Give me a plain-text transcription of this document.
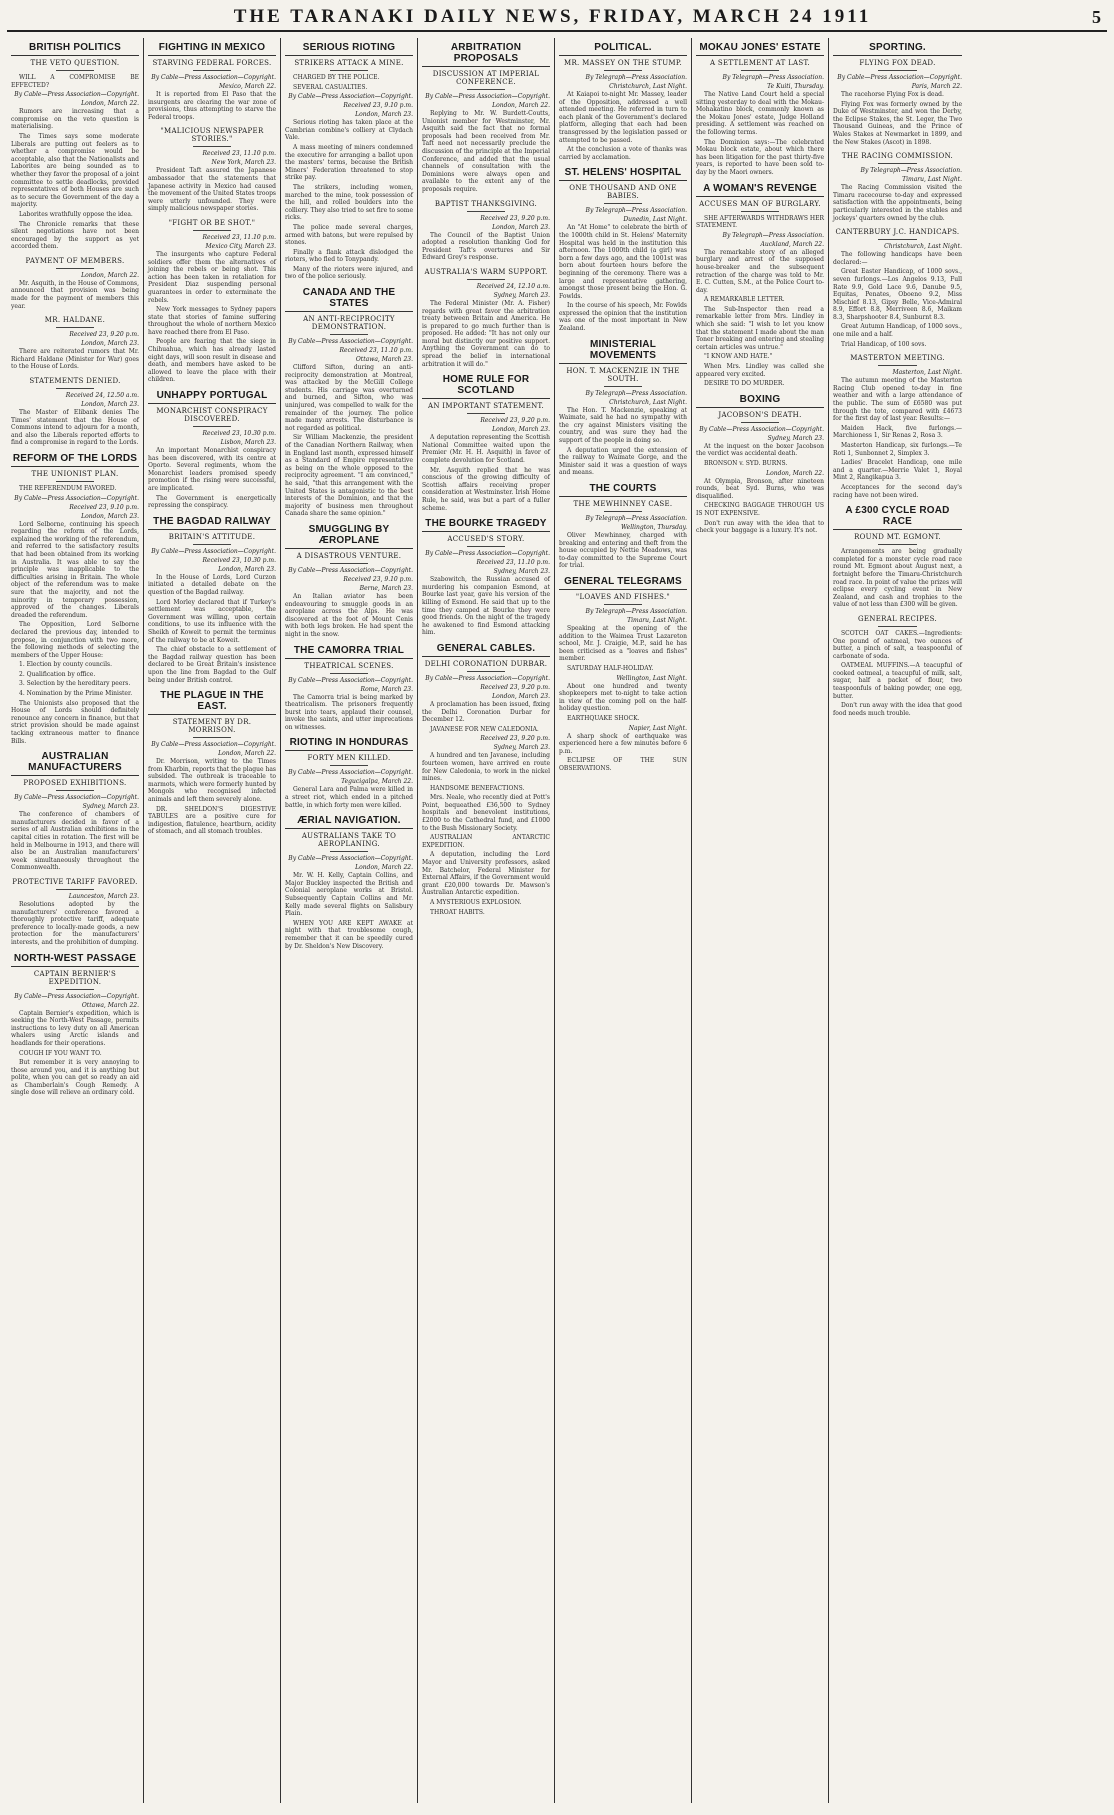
THE TARANAKI DAILY NEWS, FRIDAY, MARCH 24 1911	5
BRITISH POLITICS
THE VETO QUESTION.

WILL A COMPROMISE BE EFFECTED?

By Cable—Press Association—Copyright.

London, March 22.

Rumors are increasing that a compromise on the veto question is materialising.

The Times says some moderate Liberals are putting out feelers as to whether a compromise would be acceptable, also that the Nationalists and Laborites are being sounded as to whether they favor the proposal of a joint committee to settle deadlocks, provided representatives of both Houses are such as to secure the Government of the day a majority.

Laborites wrathfully oppose the idea.

The Chronicle remarks that these silent negotiations have not been encouraged by the support as yet accorded them.

PAYMENT OF MEMBERS.

London, March 22.

Mr. Asquith, in the House of Commons, announced that provision was being made for the payment of members this year.

MR. HALDANE.

Received 23, 9.20 p.m.

London, March 23.

There are reiterated rumors that Mr. Richard Haldane (Minister for War) goes to the House of Lords.

STATEMENTS DENIED.

Received 24, 12.50 a.m.

London, March 23.

The Master of Elibank denies The Times' statement that the House of Commons intend to adjourn for a month, and also the Liberals reported efforts to find a compromise in regard to the Lords.

REFORM OF THE LORDS
THE UNIONIST PLAN.

THE REFERENDUM FAVORED.

By Cable—Press Association—Copyright.

Received 23, 9.10 p.m.

London, March 23.

Lord Selborne, continuing his speech regarding the reform of the Lords, explained the working of the referendum, and referred to the satisfactory results that had been obtained from its working in Australia. It was able to say the principle was inapplicable to the difficulties arising in Britain. The whole object of the referendum was to make sure that the majority, and not the minority in temporary possession, approved of the changes. Liberals dreaded the referendum.

The Opposition, Lord Selborne declared the previous day, intended to propose, in conjunction with two more, the following methods of selecting the members of the Upper House:

1. Election by county councils.

2. Qualification by office.

3. Selection by the hereditary peers.

4. Nomination by the Prime Minister.

The Unionists also proposed that the House of Lords should definitely renounce any concern in finance, but that strict provision should be made against tacking extraneous matter to finance Bills.

AUSTRALIAN MANUFACTURERS
PROPOSED EXHIBITIONS.

By Cable—Press Association—Copyright.

Sydney, March 23.

The conference of chambers of manufacturers decided in favor of a series of all Australian exhibitions in the capital cities in rotation. The first will be held in Melbourne in 1913, and there will also be an Australian manufacturers' week simultaneously throughout the Commonwealth.

PROTECTIVE TARIFF FAVORED.

Launceston, March 23.

Resolutions adopted by the manufacturers' conference favored a thoroughly protective tariff, adequate preference to locally-made goods, a new protection for the manufacturers' interests, and the prohibition of dumping.

NORTH-WEST PASSAGE
CAPTAIN BERNIER'S EXPEDITION.

By Cable—Press Association—Copyright.

Ottawa, March 22.

Captain Bernier's expedition, which is seeking the North-West Passage, permits instructions to levy duty on all American whalers using Arctic islands and headlands for their operations.

COUGH IF YOU WANT TO.

But remember it is very annoying to those around you, and it is anything but polite, when you can get so ready an aid as Chamberlain's Cough Remedy. A single dose will relieve an ordinary cold.

FIGHTING IN MEXICO
STARVING FEDERAL FORCES.

By Cable—Press Association—Copyright.

Mexico, March 22.

It is reported from El Paso that the insurgents are clearing the war zone of provisions, thus attempting to starve the Federal troops.

"MALICIOUS NEWSPAPER STORIES."

Received 23, 11.10 p.m.

New York, March 23.

President Taft assured the Japanese ambassador that the statements that Japanese activity in Mexico had caused the movement of the United States troops were utterly unfounded. They were simply malicious newspaper stories.

"FIGHT OR BE SHOT."

Received 23, 11.10 p.m.

Mexico City, March 23.

The insurgents who capture Federal soldiers offer them the alternatives of joining the rebels or being shot. This action has been taken in retaliation for President Diaz suspending personal guarantees in order to exterminate the rebels.

New York messages to Sydney papers state that stories of famine suffering throughout the whole of northern Mexico have reached there from El Paso.

People are fearing that the siege in Chihuahua, which has already lasted eight days, will soon result in disease and death, and members have asked to be allowed to leave the place with their children.

UNHAPPY PORTUGAL
MONARCHIST CONSPIRACY DISCOVERED.

Received 23, 10.30 p.m.

Lisbon, March 23.

An important Monarchist conspiracy has been discovered, with its centre at Oporto. Several regiments, whom the Monarchist leaders promised speedy promotion if the rising were successful, are implicated.

The Government is energetically repressing the conspiracy.

THE BAGDAD RAILWAY
BRITAIN'S ATTITUDE.

By Cable—Press Association—Copyright.

Received 23, 10.30 p.m.

London, March 23.

In the House of Lords, Lord Curzon initiated a detailed debate on the question of the Bagdad railway.

Lord Morley declared that if Turkey's settlement was acceptable, the Government was willing, upon certain conditions, to use its influence with the Sheikh of Koweit to permit the terminus of the railway to be at Koweit.

The chief obstacle to a settlement of the Bagdad railway question has been declared to be Great Britain's insistence upon the line from Bagdad to the Gulf being under British control.

THE PLAGUE IN THE EAST.
STATEMENT BY DR. MORRISON.

By Cable—Press Association—Copyright.

London, March 22.

Dr. Morrison, writing to the Times from Kharbin, reports that the plague has subsided. The outbreak is traceable to marmots, which were formerly hunted by Mongols who recognised infected animals and left them severely alone.

DR. SHELDON'S DIGESTIVE TABULES are a positive cure for indigestion, flatulence, heartburn, acidity of stomach, and all stomach troubles.

SERIOUS RIOTING
STRIKERS ATTACK A MINE.

CHARGED BY THE POLICE.

SEVERAL CASUALTIES.

By Cable—Press Association—Copyright.

Received 23, 9.10 p.m.

London, March 23.

Serious rioting has taken place at the Cambrian combine's colliery at Clydach Vale.

A mass meeting of miners condemned the executive for arranging a ballot upon the masters' terms, because the British Miners' Federation threatened to stop strike pay.

The strikers, including women, marched to the mine, took possession of the hill, and rolled boulders into the colliery. They also tried to set fire to some ricks.

The police made several charges, armed with batons, but were repulsed by stones.

Finally a flank attack dislodged the rioters, who fled to Tonypandy.

Many of the rioters were injured, and two of the police seriously.

CANADA AND THE STATES
AN ANTI-RECIPROCITY DEMONSTRATION.

By Cable—Press Association—Copyright.

Received 23, 11.10 p.m.

Ottawa, March 23.

Clifford Sifton, during an anti-reciprocity demonstration at Montreal, was attacked by the McGill College students. His carriage was overturned and burned, and Sifton, who was uninjured, was compelled to walk for the remainder of the journey. The police made many arrests. The disturbance is not regarded as political.

Sir William Mackenzie, the president of the Canadian Northern Railway, when in England last month, expressed himself as a Standard of Empire representative as being on the whole opposed to the reciprocity agreement. "I am convinced," he said, "that this arrangement with the United States is antagonistic to the best interests of the Dominion, and that the majority of business men throughout Canada share the same opinion."

SMUGGLING BY ÆROPLANE
A DISASTROUS VENTURE.

By Cable—Press Association—Copyright.

Received 23, 9.10 p.m.

Berne, March 23.

An Italian aviator has been endeavouring to smuggle goods in an aeroplane across the Alps. He was discovered at the foot of Mount Cenis with both legs broken. He had spent the night in the snow.

THE CAMORRA TRIAL
THEATRICAL SCENES.

By Cable—Press Association—Copyright.

Rome, March 23.

The Camorra trial is being marked by theatricalism. The prisoners frequently burst into tears, applaud their counsel, invoke the saints, and utter imprecations on witnesses.

RIOTING IN HONDURAS
FORTY MEN KILLED.

By Cable—Press Association—Copyright.

Tegucigalpa, March 22.

General Lara and Palma were killed in a street riot, which ended in a pitched battle, in which forty men were killed.

ÆRIAL NAVIGATION.
AUSTRALIANS TAKE TO AEROPLANING.

By Cable—Press Association—Copyright.

London, March 22.

Mr. W. H. Kelly, Captain Collins, and Major Buckley inspected the British and Colonial aeroplane works at Bristol. Subsequently Captain Collins and Mr. Kelly made several flights on Salisbury Plain.

WHEN YOU ARE KEPT AWAKE at night with that troublesome cough, remember that it can be speedily cured by Dr. Sheldon's New Discovery.

ARBITRATION PROPOSALS
DISCUSSION AT IMPERIAL CONFERENCE.

By Cable—Press Association—Copyright.

London, March 22.

Replying to Mr. W. Burdett-Coutts, Unionist member for Westminster, Mr. Asquith said the fact that no formal proposals had been received from Mr. Taft need not necessarily preclude the discussion of the principle at the Imperial Conference, and added that the usual channels of consultation with the Dominions were always open and available to the extent any of the proposals require.

BAPTIST THANKSGIVING.

Received 23, 9.20 p.m.

London, March 23.

The Council of the Baptist Union adopted a resolution thanking God for President Taft's overtures and Sir Edward Grey's response.

AUSTRALIA'S WARM SUPPORT.

Received 24, 12.10 a.m.

Sydney, March 23.

The Federal Minister (Mr. A. Fisher) regards with great favor the arbitration treaty between Britain and America. He is prepared to go much further than is proposed. He added: "It has not only our moral but distinctly our positive support. Anything the Government can do to spread the belief in international arbitration it will do."

HOME RULE FOR SCOTLAND
AN IMPORTANT STATEMENT.

Received 23, 9.20 p.m.

London, March 23.

A deputation representing the Scottish National Committee waited upon the Premier (Mr. H. H. Asquith) in favor of complete devolution for Scotland.

Mr. Asquith replied that he was conscious of the growing difficulty of Scottish affairs receiving proper consideration at Westminster. Irish Home Rule, he said, was but a part of a fuller scheme.

THE BOURKE TRAGEDY
ACCUSED'S STORY.

By Cable—Press Association—Copyright.

Received 23, 11.10 p.m.

Sydney, March 23.

Szabowitch, the Russian accused of murdering his companion Esmond, at Bourke last year, gave his version of the killing of Esmond. He said that up to the time they camped at Bourke they were good friends. On the night of the tragedy he awakened to find Esmond attacking him.

GENERAL CABLES.
DELHI CORONATION DURBAR.

By Cable—Press Association—Copyright.

Received 23, 9.20 p.m.

London, March 23.

A proclamation has been issued, fixing the Delhi Coronation Durbar for December 12.

JAVANESE FOR NEW CALEDONIA.

Received 23, 9.20 p.m.

Sydney, March 23.

A hundred and ten Javanese, including fourteen women, have arrived en route for New Caledonia, to work in the nickel mines.

HANDSOME BENEFACTIONS.

Mrs. Neale, who recently died at Pott's Point, bequeathed £36,500 to Sydney hospitals and benevolent institutions, £2000 to the Cathedral fund, and £1000 to the Bush Missionary Society.

AUSTRALIAN ANTARCTIC EXPEDITION.

A deputation, including the Lord Mayor and University professors, asked Mr. Batchelor, Federal Minister for External Affairs, if the Government would grant £20,000 towards Dr. Mawson's Australian Antarctic expedition.

A MYSTERIOUS EXPLOSION.

THROAT HABITS.

POLITICAL.
MR. MASSEY ON THE STUMP.

By Telegraph—Press Association.

Christchurch, Last Night.

At Kaiapoi to-night Mr. Massey, leader of the Opposition, addressed a well attended meeting. He referred in turn to each plank of the Government's declared platform, alleging that each had been transgressed by the legislation passed or attempted to be passed.

At the conclusion a vote of thanks was carried by acclamation.

ST. HELENS' HOSPITAL
ONE THOUSAND AND ONE BABIES.

By Telegraph—Press Association.

Dunedin, Last Night.

An "At Home" to celebrate the birth of the 1000th child in St. Helens' Maternity Hospital was held in the institution this afternoon. The 1000th child (a girl) was born a few days ago, and the 1001st was born about fourteen hours before the beginning of the ceremony. There was a large and representative gathering, amongst those present being the Hon. G. Fowlds.

In the course of his speech, Mr. Fowlds expressed the opinion that the institution was one of the most important in New Zealand.

MINISTERIAL MOVEMENTS
HON. T. MACKENZIE IN THE SOUTH.

By Telegraph—Press Association.

Christchurch, Last Night.

The Hon. T. Mackenzie, speaking at Waimate, said he had no sympathy with the cry against Ministers visiting the country, and was sure they had the support of the people in doing so.

A deputation urged the extension of the railway to Waimate Gorge, and the Minister said it was a question of ways and means.

THE COURTS
THE MEWHINNEY CASE.

By Telegraph—Press Association.

Wellington, Thursday.

Oliver Mewhinney, charged with breaking and entering and theft from the house occupied by Nettie Meadows, was to-day committed to the Supreme Court for trial.

GENERAL TELEGRAMS
"LOAVES AND FISHES."

By Telegraph—Press Association.

Timaru, Last Night.

Speaking at the opening of the addition to the Waimea Trust Lazareton school, Mr. J. Craigie, M.P., said he has been criticised as a "loaves and fishes" member.

SATURDAY HALF-HOLIDAY.

Wellington, Last Night.

About one hundred and twenty shopkeepers met to-night to take action in view of the coming poll on the half-holiday question.

EARTHQUAKE SHOCK.

Napier, Last Night.

A sharp shock of earthquake was experienced here a few minutes before 6 p.m.

ECLIPSE OF THE SUN OBSERVATIONS.

MOKAU JONES' ESTATE
A SETTLEMENT AT LAST.

By Telegraph—Press Association.

Te Kuiti, Thursday.

The Native Land Court held a special sitting yesterday to deal with the Mokau-Mohakatino block, commonly known as the Mokau Jones' estate, Judge Holland presiding. A settlement was reached on the following terms.

The Dominion says:—The celebrated Mokau block estate, about which there has been litigation for the past thirty-five years, is reported to have been sold to-day by the Maori owners.

A WOMAN'S REVENGE
ACCUSES MAN OF BURGLARY.

SHE AFTERWARDS WITHDRAWS HER STATEMENT.

By Telegraph—Press Association.

Auckland, March 22.

The remarkable story of an alleged burglary and arrest of the supposed house-breaker and the subsequent retraction of the charge was told to Mr. E. C. Cutten, S.M., at the Police Court to-day.

A REMARKABLE LETTER.

The Sub-Inspector then read a remarkable letter from Mrs. Lindley in which she said: "I wish to let you know that the statement I made about the man Toner breaking and entering and stealing certain articles was untrue."

"I KNOW AND HATE."

When Mrs. Lindley was called she appeared very excited.

DESIRE TO DO MURDER.

BOXING
JACOBSON'S DEATH.

By Cable—Press Association—Copyright.

Sydney, March 23.

At the inquest on the boxer Jacobson the verdict was accidental death.

BRONSON v. SYD. BURNS.

London, March 22.

At Olympia, Bronson, after nineteen rounds, beat Syd. Burns, who was disqualified.

CHECKING BAGGAGE THROUGH US IS NOT EXPENSIVE.

Don't run away with the idea that to check your baggage is a luxury. It's not.

SPORTING.
FLYING FOX DEAD.

By Cable—Press Association—Copyright.

Paris, March 22.

The racehorse Flying Fox is dead.

Flying Fox was formerly owned by the Duke of Westminster, and won the Derby, the Eclipse Stakes, the St. Leger, the Two Thousand Guineas, and the Prince of Wales Stakes at Newmarket in 1899, and the New Stakes (Ascot) in 1898.

THE RACING COMMISSION.

By Telegraph—Press Association.

Timaru, Last Night.

The Racing Commission visited the Timaru racecourse to-day and expressed satisfaction with the appointments, being particularly interested in the stables and jockeys' quarters owned by the club.

CANTERBURY J.C. HANDICAPS.

Christchurch, Last Night.

The following handicaps have been declared:—

Great Easter Handicap, of 1000 sovs., seven furlongs.—Los Angelos 9.13, Full Rate 9.9, Gold Lace 9.6, Danube 9.5, Equitas, Penates, Oboeno 9.2, Miss Mischief 8.13, Gipsy Belle, Vice-Admiral 8.9, Effort 8.8, Merriveen 8.6, Maikam 8.3, Sharpshooter 8.4, Sunburnt 8.3.

Great Autumn Handicap, of 1000 sovs., one mile and a half.

Trial Handicap, of 100 sovs.

MASTERTON MEETING.

Masterton, Last Night.

The autumn meeting of the Masterton Racing Club opened to-day in fine weather and with a large attendance of the public. The sum of £6580 was put through the tote, compared with £4673 for the first day of last year. Results:—

Maiden Hack, five furlongs.—Marchioness 1, Sir Renas 2, Rosa 3.

Masterton Handicap, six furlongs.—Te Roti 1, Sunbonnet 2, Simplex 3.

Ladies' Bracelet Handicap, one mile and a quarter.—Merrie Valet 1, Royal Mint 2, Rangikapua 3.

Acceptances for the second day's racing have not been wired.

A £300 CYCLE ROAD RACE
ROUND MT. EGMONT.

Arrangements are being gradually completed for a monster cycle road race round Mt. Egmont about August next, a fortnight before the Timaru-Christchurch road race. In point of value the prizes will eclipse every cycling event in New Zealand, and cash and trophies to the value of not less than £300 will be given.

GENERAL RECIPES.

SCOTCH OAT CAKES.—Ingredients: One pound of oatmeal, two ounces of butter, a pinch of salt, a teaspoonful of carbonate of soda.

OATMEAL MUFFINS.—A teacupful of cooked oatmeal, a teacupful of milk, salt, sugar, half a packet of flour, two teaspoonfuls of baking powder, one egg, butter.

Don't run away with the idea that good food needs much trouble.
